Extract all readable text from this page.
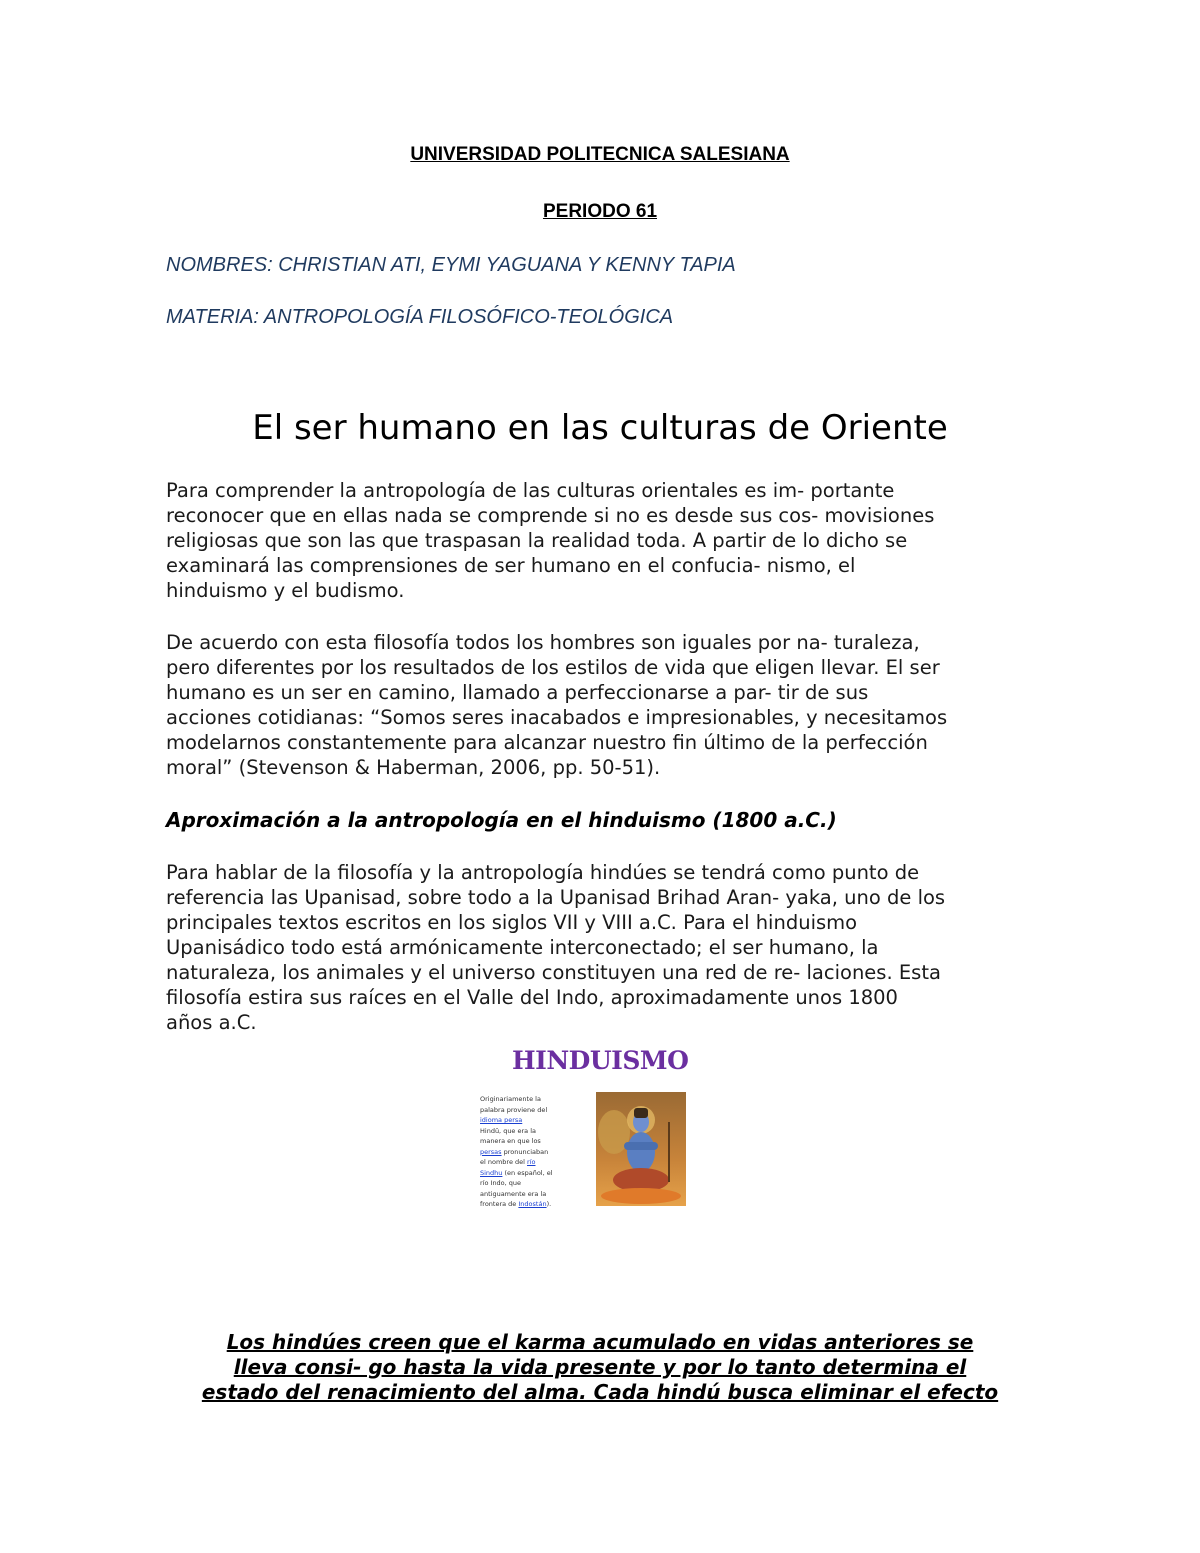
UNIVERSIDAD POLITECNICA SALESIANA
PERIODO 61
NOMBRES: CHRISTIAN ATI, EYMI YAGUANA Y KENNY TAPIA
MATERIA: ANTROPOLOGÍA FILOSÓFICO-TEOLÓGICA
El ser humano en las culturas de Oriente
Para comprender la antropología de las culturas orientales es im- portante
reconocer que en ellas nada se comprende si no es desde sus cos- movisiones
religiosas que son las que traspasan la realidad toda. A partir de lo dicho se
examinará las comprensiones de ser humano en el confucia- nismo, el
hinduismo y el budismo.
De acuerdo con esta filosofía todos los hombres son iguales por na- turaleza,
pero diferentes por los resultados de los estilos de vida que eligen llevar. El ser
humano es un ser en camino, llamado a perfeccionarse a par- tir de sus
acciones cotidianas: “Somos seres inacabados e impresionables, y necesitamos
modelarnos constantemente para alcanzar nuestro fin último de la perfección
moral” (Stevenson & Haberman, 2006, pp. 50-51).
Aproximación a la antropología en el hinduismo (1800 a.C.)
Para hablar de la filosofía y la antropología hindúes se tendrá como punto de
referencia las Upanisad, sobre todo a la Upanisad Brihad Aran- yaka, uno de los
principales textos escritos en los siglos VII y VIII a.C. Para el hinduismo
Upanisádico todo está armónicamente interconectado; el ser humano, la
naturaleza, los animales y el universo constituyen una red de re- laciones. Esta
filosofía estira sus raíces en el Valle del Indo, aproximadamente unos 1800
años a.C.
HINDUISMO
Originariamente la
palabra proviene del
idioma persa
Hindū, que era la
manera en que los
persas pronunciaban
el nombre del río
Sindhu (en español, el
río Indo, que
antiguamente era la
frontera de Indostán).
Los hindúes creen que el karma acumulado en vidas anteriores se
lleva consi- go hasta la vida presente y por lo tanto determina el
estado del renacimiento del alma. Cada hindú busca eliminar el efecto
